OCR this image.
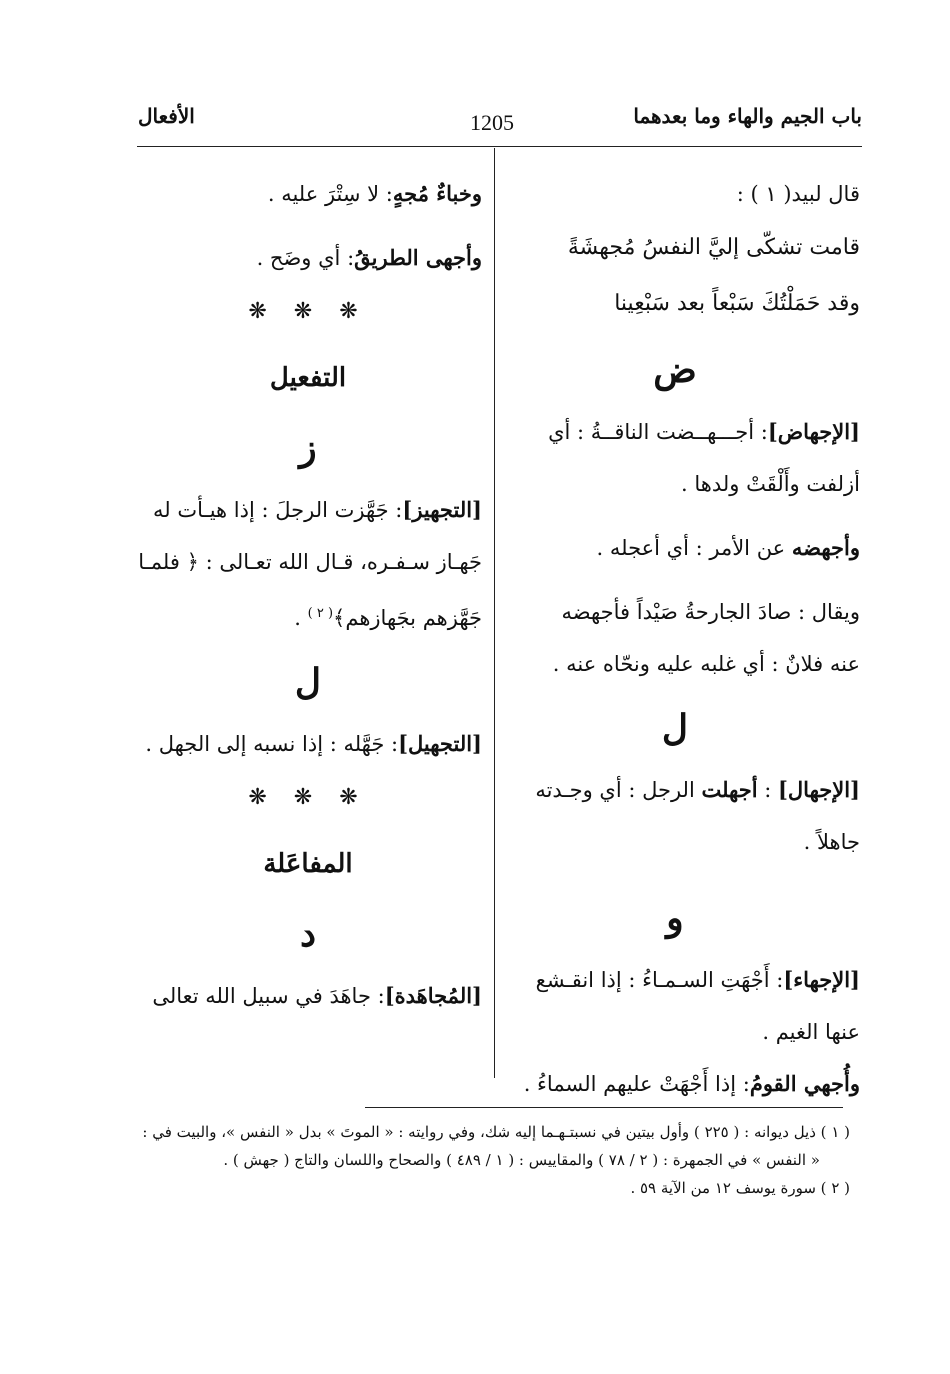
باب الجيم والهاء وما بعدهما
1205
الأفعال

قال لبيد( ١ ) :

قامت تشكّى إليَّ النفسُ مُجهشَةً

وقد حَمَلْتُكَ سَبْعاً بعد سَبْعِينا

ض

[الإجهاض]: أجـــهــضت الناقــةُ : أي

أزلفت وأَلْقَتْ ولدها .

وأجهضه عن الأمر : أي أعجله .

ويقال : صادَ الجارحةُ صَيْداً فأجهضه

عنه فلانٌ : أي غلبه عليه ونحّاه عنه .

ل

[الإجهال] : أجهلت الرجل : أي وجـدته

جاهلاً .

و

[الإجهاء]: أَجْهَتِ السـمـاءُ : إذا انقـشع

عنها الغيم .

وأُجهي القومُ: إذا أَجْهَتْ عليهم السماءُ .

وخباءٌ مُجهٍ: لا سِتْرَ عليه .

وأجهى الطريقُ: أي وضَح .

❋ ❋ ❋
التفعيل
ز

[التجهيز]: جَهَّزت الرجلَ : إذا هيـأت له

جَهـاز سـفـره، قـال الله تعـالى : ﴿ فلمـا

جَهَّزهم بجَهازهم﴾$^{( ٢ )}$ .

ل

[التجهيل]: جَهَّله : إذا نسبه إلى الجهل .

❋ ❋ ❋
المفاعَلة
د

[المُجاهَدة]: جاهَدَ في سبيل الله تعالى

( ١ ) ذيل ديوانه : ( ٢٢٥ ) وأول بيتين في نسبتـهـما إليه شك، وفي روايته : « الموتَ » بدل « النفس »، والبيت في :

« النفس » في الجمهرة : ( ٢ / ٧٨ ) والمقاييس : ( ١ / ٤٨٩ ) والصحاح واللسان والتاج ( جهش ) .

( ٢ ) سورة يوسف ١٢ من الآية ٥٩ .
